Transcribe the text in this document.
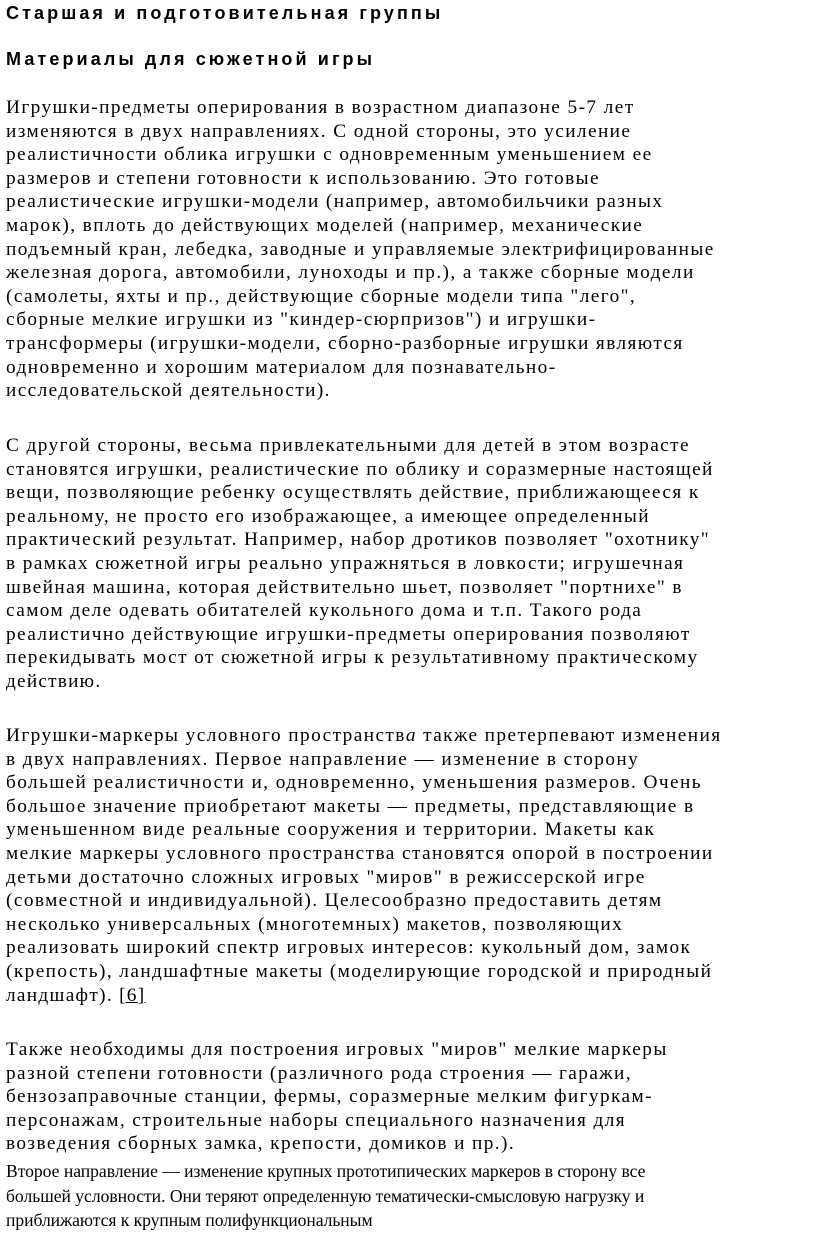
Старшая и подготовительная группы
Материалы для сюжетной игры
Игрушки-предметы оперирования в возрастном диапазоне 5-7 лет
изменяются в двух направлениях. С одной стороны, это усиление
реалистичности облика игрушки с одновременным уменьшением ее
размеров и степени готовности к использованию. Это готовые
реалистические игрушки-модели (например, автомобильчики разных
марок), вплоть до действующих моделей (например, механические
подъемный кран, лебедка, заводные и управляемые электрифицированные
железная дорога, автомобили, луноходы и пр.), а также сборные модели
(самолеты, яхты и пр., действующие сборные модели типа "лего",
сборные мелкие игрушки из "киндер-сюрпризов") и игрушки-
трансформеры (игрушки-модели, сборно-разборные игрушки являются
одновременно и хорошим материалом для познавательно-
исследовательской деятельности).
С другой стороны, весьма привлекательными для детей в этом возрасте
становятся игрушки, реалистические по облику и соразмерные настоящей
вещи, позволяющие ребенку осуществлять действие, приближающееся к
реальному, не просто его изображающее, а имеющее определенный
практический результат. Например, набор дротиков позволяет "охотнику"
в рамках сюжетной игры реально упражняться в ловкости; игрушечная
швейная машина, которая действительно шьет, позволяет "портнихе" в
самом деле одевать обитателей кукольного дома и т.п. Такого рода
реалистично действующие игрушки-предметы оперирования позволяют
перекидывать мост от сюжетной игры к результативному практическому
действию.
Игрушки-маркеры условного пространства также претерпевают изменения
в двух направлениях. Первое направление — изменение в сторону
большей реалистичности и, одновременно, уменьшения размеров. Очень
большое значение приобретают макеты — предметы, представляющие в
уменьшенном виде реальные сооружения и территории. Макеты как
мелкие маркеры условного пространства становятся опорой в построении
детьми достаточно сложных игровых "миров" в режиссерской игре
(совместной и индивидуальной). Целесообразно предоставить детям
несколько универсальных (многотемных) макетов, позволяющих
реализовать широкий спектр игровых интересов: кукольный дом, замок
(крепость), ландшафтные макеты (моделирующие городской и природный
ландшафт). [6]
Также необходимы для построения игровых "миров" мелкие маркеры
разной степени готовности (различного рода строения — гаражи,
бензозаправочные станции, фермы, соразмерные мелким фигуркам-
персонажам, строительные наборы специального назначения для
возведения сборных замка, крепости, домиков и пр.).
Второе направление — изменение крупных прототипических маркеров в сторону все
большей условности. Они теряют определенную тематически-смысловую нагрузку и
приближаются к крупным полифункциональным
